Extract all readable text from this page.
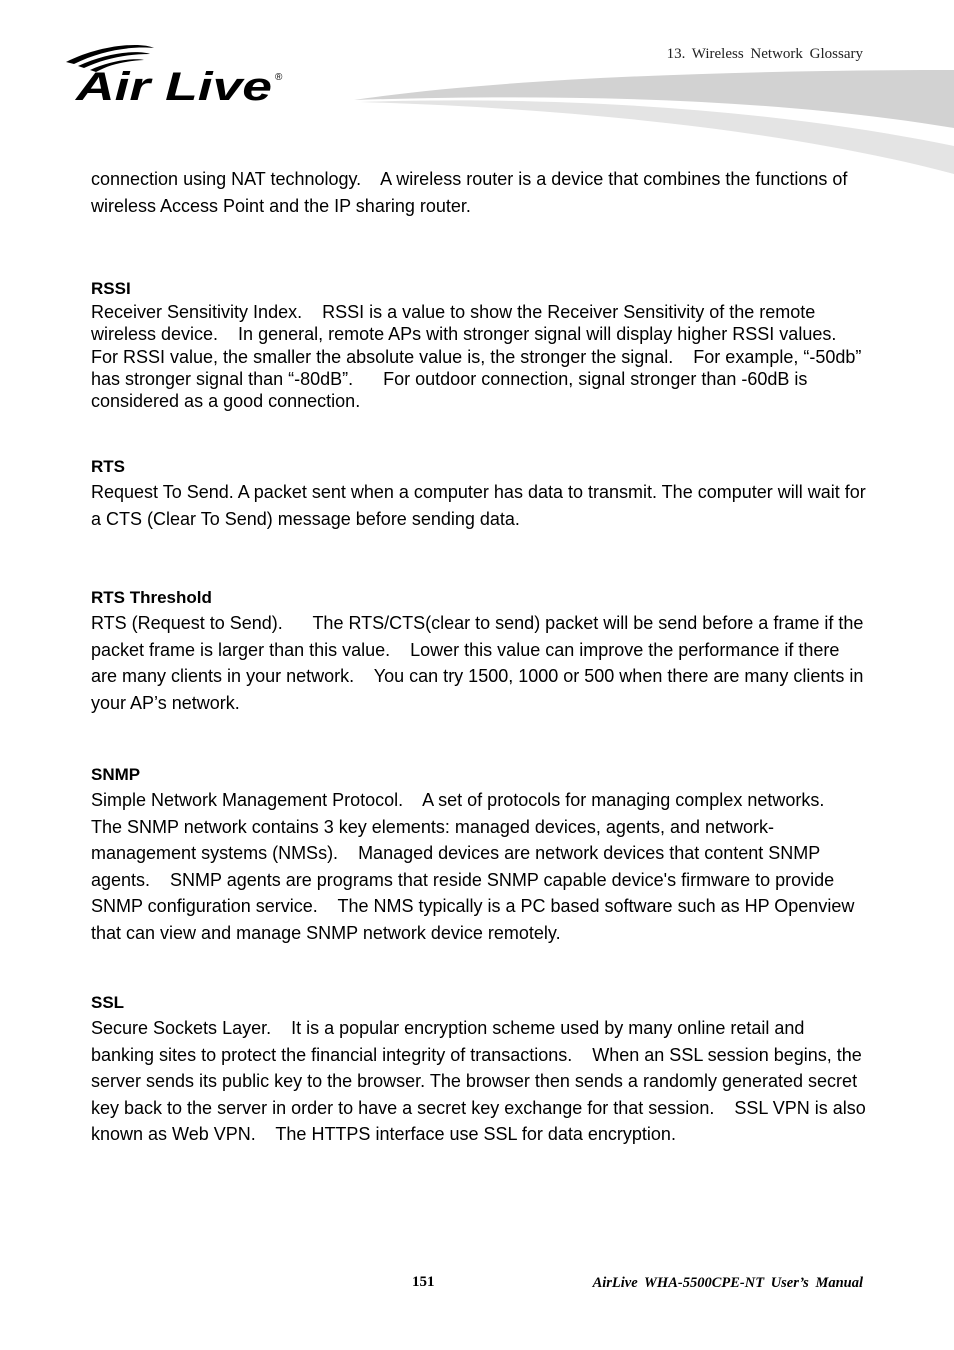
13. Wireless Network Glossary
Air Live ®

connection using NAT technology.    A wireless router is a device that combines the functions of wireless Access Point and the IP sharing router.

RSSI

Receiver Sensitivity Index.    RSSI is a value to show the Receiver Sensitivity of the remote wireless device.    In general, remote APs with stronger signal will display higher RSSI values.    For RSSI value, the smaller the absolute value is, the stronger the signal.    For example, “-50db” has stronger signal than “-80dB”.      For outdoor connection, signal stronger than -60dB is considered as a good connection.

RTS

Request To Send. A packet sent when a computer has data to transmit. The computer will wait for a CTS (Clear To Send) message before sending data.

RTS Threshold

RTS (Request to Send).      The RTS/CTS(clear to send) packet will be send before a frame if the packet frame is larger than this value.    Lower this value can improve the performance if there are many clients in your network.    You can try 1500, 1000 or 500 when there are many clients in your AP’s network.

SNMP

Simple Network Management Protocol.    A set of protocols for managing complex networks.      The SNMP network contains 3 key elements: managed devices, agents, and network-management systems (NMSs).    Managed devices are network devices that content SNMP agents.    SNMP agents are programs that reside SNMP capable device's firmware to provide SNMP configuration service.    The NMS typically is a PC based software such as HP Openview that can view and manage SNMP network device remotely.

SSL

Secure Sockets Layer.    It is a popular encryption scheme used by many online retail and banking sites to protect the financial integrity of transactions.    When an SSL session begins, the server sends its public key to the browser. The browser then sends a randomly generated secret key back to the server in order to have a secret key exchange for that session.    SSL VPN is also known as Web VPN.    The HTTPS interface use SSL for data encryption.

151	AirLive WHA-5500CPE-NT User’s Manual
